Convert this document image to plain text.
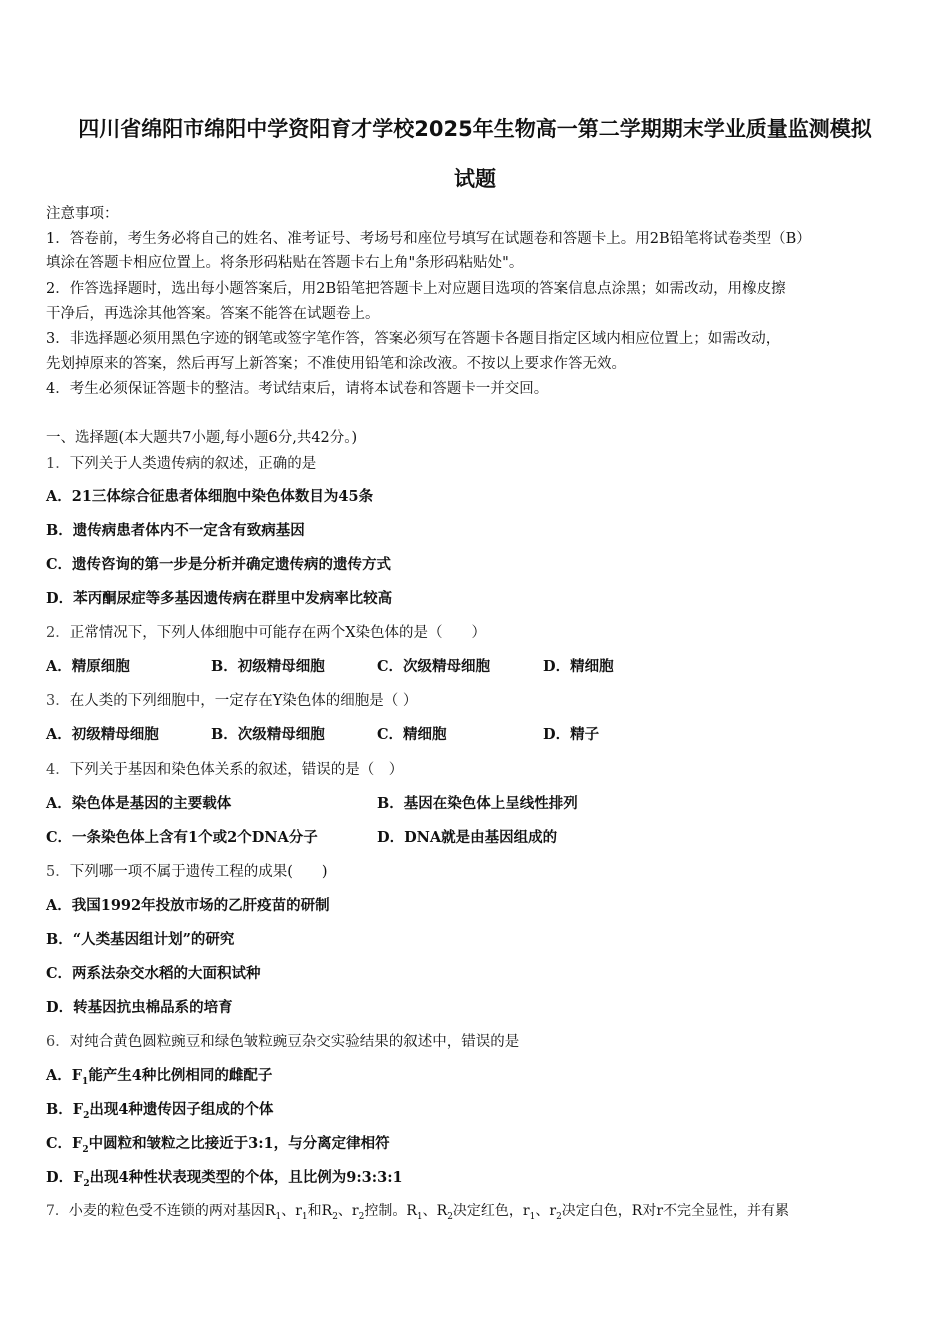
四川省绵阳市绵阳中学资阳育才学校2025年生物高一第二学期期末学业质量监测模拟
试题
注意事项：
1．答卷前，考生务必将自己的姓名、准考证号、考场号和座位号填写在试题卷和答题卡上。用2B铅笔将试卷类型（B）
填涂在答题卡相应位置上。将条形码粘贴在答题卡右上角"条形码粘贴处"。
2．作答选择题时，选出每小题答案后，用2B铅笔把答题卡上对应题目选项的答案信息点涂黑；如需改动，用橡皮擦
干净后，再选涂其他答案。答案不能答在试题卷上。
3．非选择题必须用黑色字迹的钢笔或签字笔作答，答案必须写在答题卡各题目指定区域内相应位置上；如需改动，
先划掉原来的答案，然后再写上新答案；不准使用铅笔和涂改液。不按以上要求作答无效。
4．考生必须保证答题卡的整洁。考试结束后，请将本试卷和答题卡一并交回。
一、选择题(本大题共7小题,每小题6分,共42分。)
1．下列关于人类遗传病的叙述，正确的是
A．21三体综合征患者体细胞中染色体数目为45条
B．遗传病患者体内不一定含有致病基因
C．遗传咨询的第一步是分析并确定遗传病的遗传方式
D．苯丙酮尿症等多基因遗传病在群里中发病率比较高
2．正常情况下，下列人体细胞中可能存在两个X染色体的是（　　）
A．精原细胞	B．初级精母细胞	C．次级精母细胞	D．精细胞
3．在人类的下列细胞中，一定存在Y染色体的细胞是（ ）
A．初级精母细胞	B．次级精母细胞	C．精细胞	D．精子
4．下列关于基因和染色体关系的叙述，错误的是（　）
A．染色体是基因的主要载体	B．基因在染色体上呈线性排列
C．一条染色体上含有1个或2个DNA分子	D．DNA就是由基因组成的
5．下列哪一项不属于遗传工程的成果(　　)
A．我国1992年投放市场的乙肝疫苗的研制
B．“人类基因组计划”的研究
C．两系法杂交水稻的大面积试种
D．转基因抗虫棉品系的培育
6．对纯合黄色圆粒豌豆和绿色皱粒豌豆杂交实验结果的叙述中，错误的是
A．$F_1$能产生4种比例相同的雌配子
B．$F_2$出现4种遗传因子组成的个体
C．$F_2$中圆粒和皱粒之比接近于3:1，与分离定律相符
D．$F_2$出现4种性状表现类型的个体，且比例为9:3:3:1
7．小麦的粒色受不连锁的两对基因$R_1$、$r_1$和$R_2$、$r_2$控制。$R_1$、$R_2$决定红色，$r_1$、$r_2$决定白色，R对r不完全显性，并有累
